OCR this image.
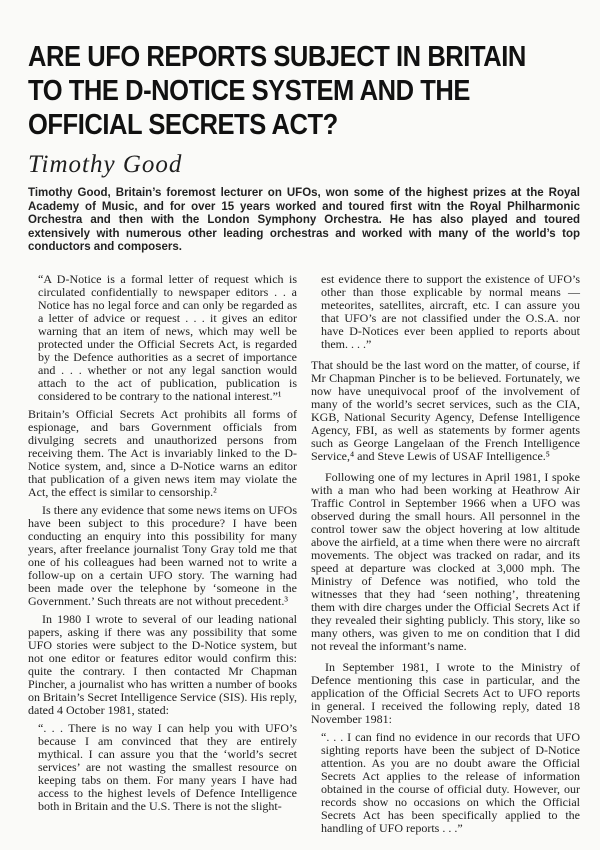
ARE UFO REPORTS SUBJECT IN BRITAIN
TO THE D-NOTICE SYSTEM AND THE
OFFICIAL SECRETS ACT?
Timothy Good

Timothy Good, Britain’s foremost lecturer on UFOs, won some of the highest prizes at the Royal Academy of Music, and for over 15 years worked and toured first witn the Royal Philharmonic Orchestra and then with the London Symphony Orchestra. He has also played and toured extensively with numerous other leading orchestras and worked with many of the world’s top conductors and composers.

“A D-Notice is a formal letter of request which is circulated confidentially to newspaper editors . . a Notice has no legal force and can only be regarded as a letter of advice or request . . . it gives an editor warning that an item of news, which may well be protected under the Official Secrets Act, is regarded by the Defence authorities as a secret of importance and . . . whether or not any legal sanction would attach to the act of publication, publication is considered to be contrary to the national interest.”¹

Britain’s Official Secrets Act prohibits all forms of espionage, and bars Government officials from divulging secrets and unauthorized persons from receiving them. The Act is invariably linked to the D-Notice system, and, since a D-Notice warns an editor that publication of a given news item may violate the Act, the effect is similar to censorship.²

Is there any evidence that some news items on UFOs have been subject to this procedure? I have been conducting an enquiry into this possibility for many years, after freelance journalist Tony Gray told me that one of his colleagues had been warned not to write a follow-up on a certain UFO story. The warning had been made over the telephone by ‘someone in the Government.’ Such threats are not without precedent.³

In 1980 I wrote to several of our leading national papers, asking if there was any possibility that some UFO stories were subject to the D-Notice system, but not one editor or features editor would confirm this: quite the contrary. I then contacted Mr Chapman Pincher, a journalist who has written a number of books on Britain’s Secret Intelligence Service (SIS). His reply, dated 4 October 1981, stated:

“. . . There is no way I can help you with UFO’s because I am convinced that they are entirely mythical. I can assure you that the ‘world’s secret services’ are not wasting the smallest resource on keeping tabs on them. For many years I have had access to the highest levels of Defence Intelligence both in Britain and the U.S. There is not the slight-

est evidence there to support the existence of UFO’s other than those explicable by normal means — meteorites, satellites, aircraft, etc. I can assure you that UFO’s are not classified under the O.S.A. nor have D-Notices ever been applied to reports about them. . . .”

That should be the last word on the matter, of course, if Mr Chapman Pincher is to be believed. Fortunately, we now have unequivocal proof of the involvement of many of the world’s secret services, such as the CIA, KGB, National Security Agency, Defense Intelligence Agency, FBI, as well as statements by former agents such as George Langelaan of the French Intelligence Service,⁴ and Steve Lewis of USAF Intelligence.⁵

Following one of my lectures in April 1981, I spoke with a man who had been working at Heathrow Air Traffic Control in September 1966 when a UFO was observed during the small hours. All personnel in the control tower saw the object hovering at low altitude above the airfield, at a time when there were no aircraft movements. The object was tracked on radar, and its speed at departure was clocked at 3,000 mph. The Ministry of Defence was notified, who told the witnesses that they had ‘seen nothing’, threatening them with dire charges under the Official Secrets Act if they revealed their sighting publicly. This story, like so many others, was given to me on condition that I did not reveal the informant’s name.

In September 1981, I wrote to the Ministry of Defence mentioning this case in particular, and the application of the Official Secrets Act to UFO reports in general. I received the following reply, dated 18 November 1981:

“. . . I can find no evidence in our records that UFO sighting reports have been the subject of D-Notice attention. As you are no doubt aware the Official Secrets Act applies to the release of information obtained in the course of official duty. However, our records show no occasions on which the Official Secrets Act has been specifically applied to the handling of UFO reports . . .”
